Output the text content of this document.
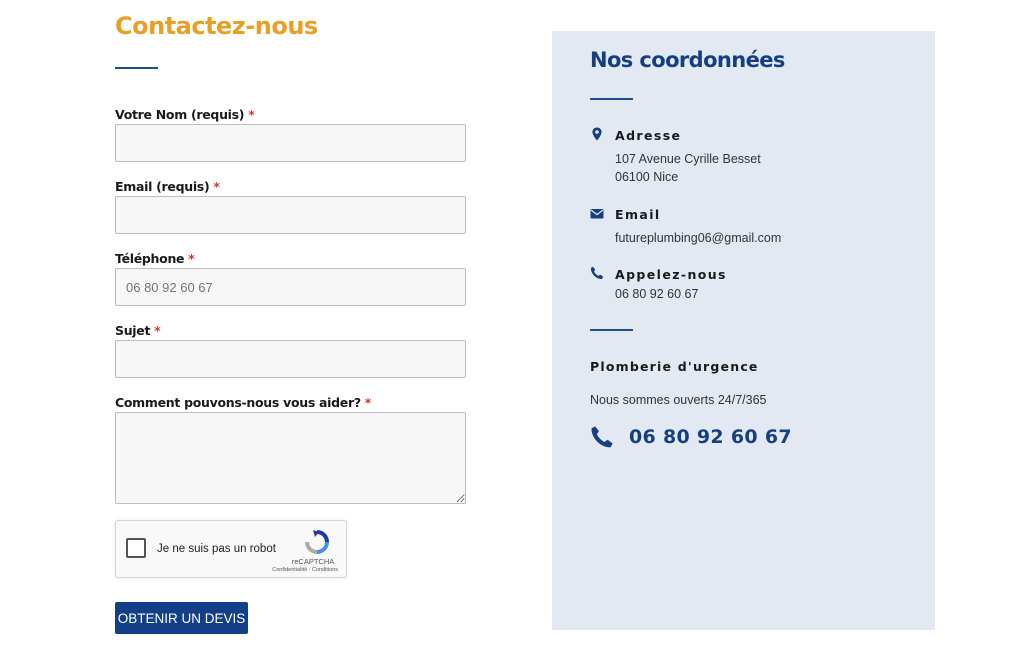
Contactez-nous
Votre Nom (requis) *
Email (requis) *
Téléphone *
06 80 92 60 67
Sujet *
Comment pouvons-nous vous aider? *
Je ne suis pas un robot
reCAPTCHA
Confidentialité - Conditions
OBTENIR UN DEVIS
Nos coordonnées
Adresse
107 Avenue Cyrille Besset
06100 Nice
Email
futureplumbing06@gmail.com
Appelez-nous
06 80 92 60 67
Plomberie d'urgence
Nous sommes ouverts 24/7/365
06 80 92 60 67
